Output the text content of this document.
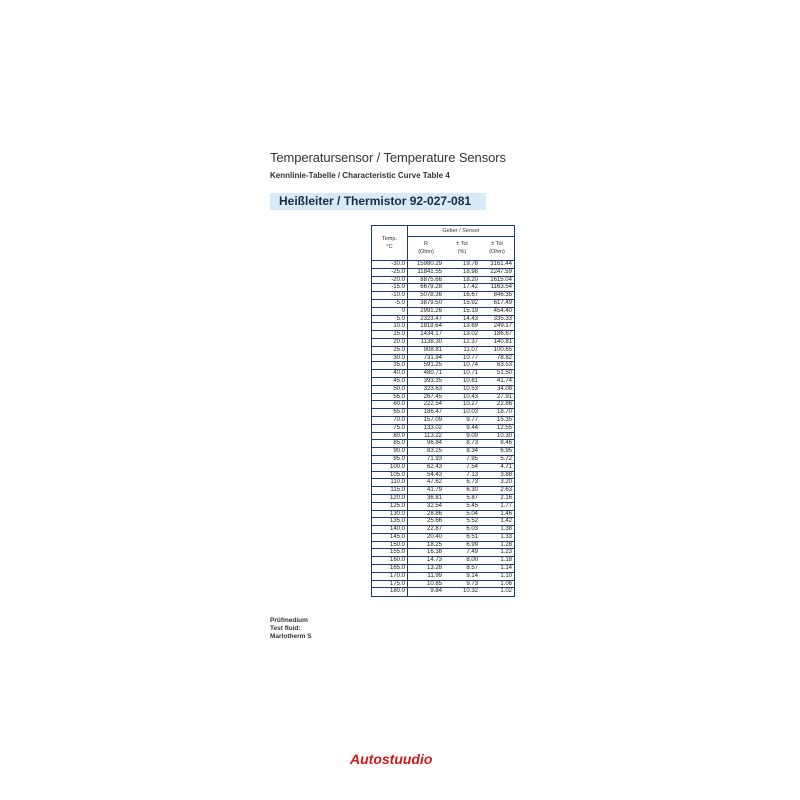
Temperatursensor / Temperature Sensors
Kennlinie-Tabelle / Characteristic Curve Table 4
Heißleiter / Thermistor 92-027-081
Temp.
°C
Geber / Sensor
R
(Ohm)
± Tol
(%)
± Tol
(Ohm)
-30.0	15980.29	19.78	3161.44
-25.0	11841.55	18.98	2247.59
-20.0	8875.66	18.20	1615.04
-15.0	6679.28	17.42	1163.54
-10.0	5078.36	16.67	846.35
-5.0	3879.50	15.92	617.49
0	2991.26	15.19	454.40
5.0	2323.47	14.43	335.33
10.0	1819.64	13.69	249.17
15.0	1434.17	13.02	186.67
20.0	1138.30	12.37	140.81
25.0	908.81	11.07	100.65
30.0	731.94	10.77	78.82
35.0	591.25	10.74	63.53
40.0	480.71	10.71	51.50
45.0	393.35	10.61	41.74
50.0	323.63	10.53	34.08
55.0	267.45	10.43	27.91
60.0	222.54	10.27	22.86
65.0	186.47	10.03	18.70
70.0	157.09	9.77	15.35
75.0	133.02	9.44	12.55
80.0	113.22	9.09	10.30
85.0	96.84	8.73	8.46
90.0	83.25	8.34	6.95
95.0	71.93	7.95	5.72
100.0	62.43	7.54	4.71
105.0	54.43	7.13	3.88
110.0	47.62	6.73	3.20
115.0	41.79	6.30	2.63
120.0	36.81	5.87	2.16
125.0	32.54	5.45	1.77
130.0	28.86	5.04	1.46
135.0	25.66	5.52	1.42
140.0	22.87	6.03	1.38
145.0	20.40	6.51	1.33
150.0	18.25	6.99	1.28
155.0	16.38	7.49	1.23
160.0	14.73	8.00	1.18
165.0	13.28	8.57	1.14
170.0	11.99	9.14	1.10
175.0	10.85	9.73	1.06
180.0	9.84	10.32	1.02
Prüfmedium
Test fluid:
Marlotherm S
Autostuudio
